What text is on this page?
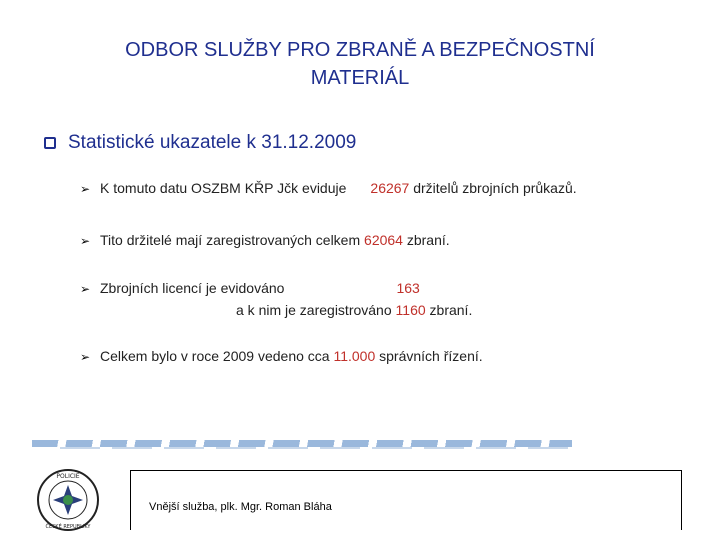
ODBOR SLUŽBY PRO ZBRANĚ A BEZPEČNOSTNÍ
MATERIÁL
Statistické ukazatele k 31.12.2009
➢ K tomuto datu OSZBM KŘP Jčk eviduje 26267 držitelů zbrojních průkazů.
➢ Tito držitelé mají zaregistrovaných celkem 62064 zbraní.
➢ Zbrojních licencí je evidováno	163
a k nim je zaregistrováno 1160 zbraní.
➢ Celkem bylo v roce 2009 vedeno cca 11.000 správních řízení.
POLICIE
ČESKÉ REPUBLIKY
Vnější služba, plk. Mgr. Roman Bláha
